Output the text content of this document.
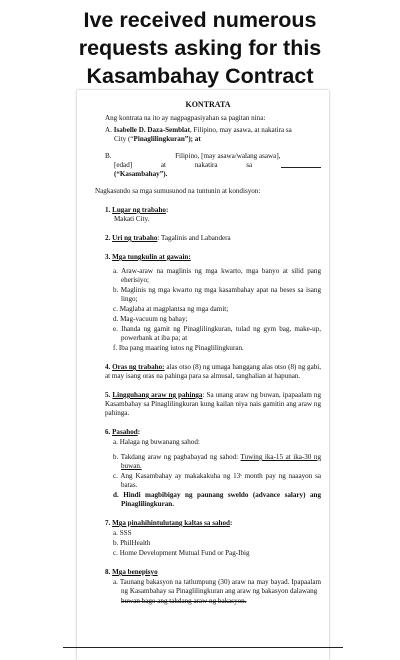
Ive received numerous
requests asking for this
Kasambahay Contract
KONTRATA
Ang kontrata na ito ay nagpagpasiyahan sa pagitan nina:
A. Isabelle D. Daza-Semblat, Filipino, may asawa, at nakatira sa
City (“Pinaglilingkuran”); at
B.	Filipino, [may asawa/walang asawa],

[edad]	at	nakatira	sa
(“Kasambahay”).
Nagkasundo sa mga sumusunod na tuntunin at kondisyon:
1. Lugar ng trabaho:
Makati City.
2. Uri ng trabaho: Tagalinis and Labandera
3. Mga tungkulin at gawain:
a. Araw-araw na maglinis ng mga kwarto, mga banyo at silid pang eherisiyo;
b. Maglinis ng mga kwarto ng mga kasambahay apat na beses sa isang lingo;
c. Maglaba at magplantsa ng mga damit;
d. Mag-vacuum ng bahay;
e. Ihanda ng gamit ng Pinaglilingkuran, tulad ng gym bag, make-up, powerbank at iba pa; at
f. Iba pang maaring iutos ng Pinaglilingkuran.
4. Oras ng trabaho: alas otso (8) ng umaga hanggang alas otso (8) ng gabi, at may isang oras na pahinga para sa almusal, tanghalian at hapunan.
5. Lingguhang araw ng pahinga: Sa unang araw ng buwan, ipapaalam ng Kasambahay sa Pinaglilingkuran kung kailan niya nais gamitin ang araw ng pahinga.
6. Pasahod:
a. Halaga ng buwanang sahod:
b. Takdang araw ng pagbabayad ng sahod: Tuwing ika-15 at ika-30 ng buwan.
c. Ang Kasambahay ay makakakuha ng 13ˢ month pay ng naaayon sa batas.
d. Hindi magbibigay ng paunang sweldo (advance salary) ang Pinaglilingkuran.
7. Mga pinahihintulutang kaltas sa sahod:
a. SSS
b. PhilHealth
c. Home Development Mutual Fund or Pag-Ibig
8. Mga benepisyo
a. Taunang bakasyon na tatlumpung (30) araw na may bayad. Ipapaalam ng Kasambahay sa Pinaglilingkuran ang araw ng bakasyon dalawang
buwan bago ang takdang araw ng bakasyon.
